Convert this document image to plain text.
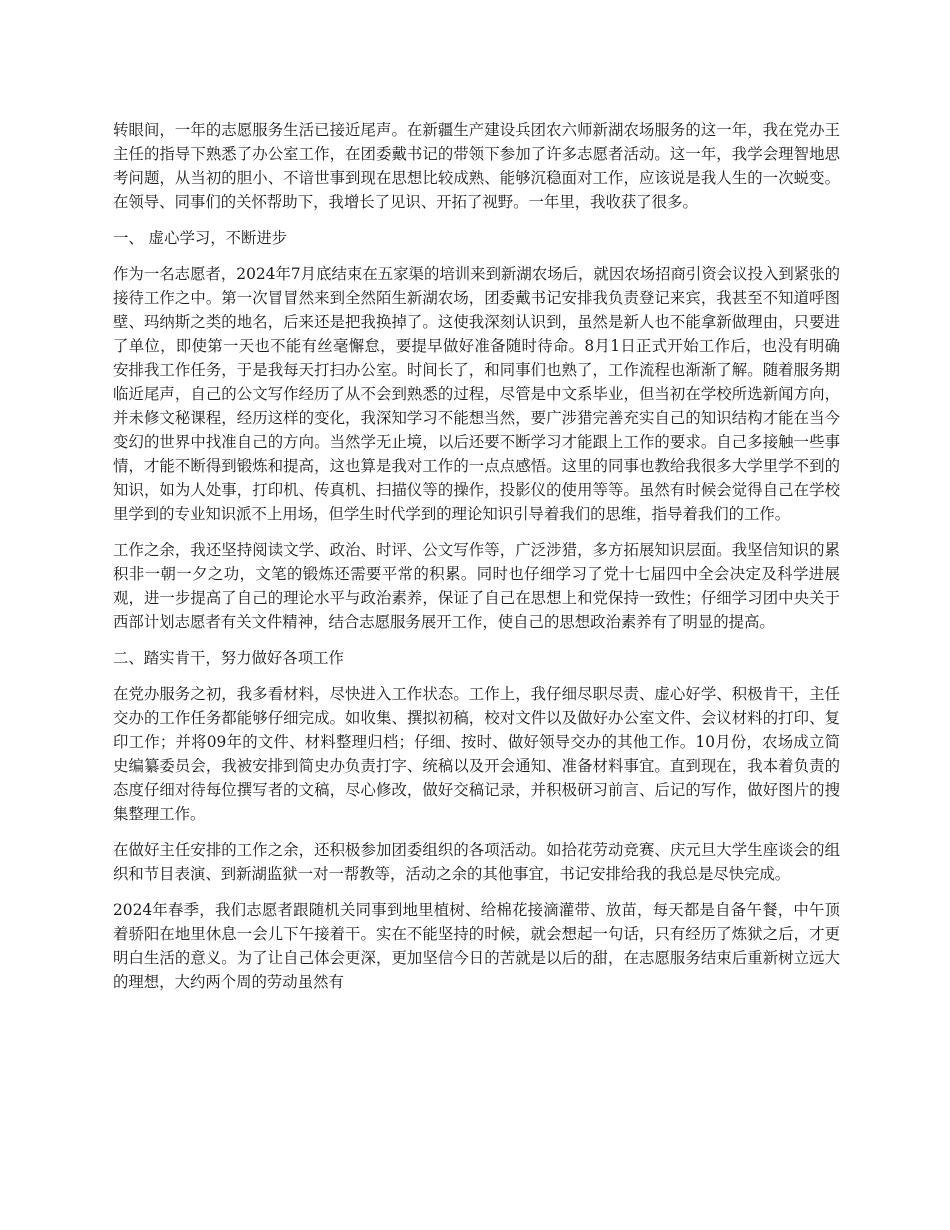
转眼间，一年的志愿服务生活已接近尾声。在新疆生产建设兵团农六师新湖农场服务的这一年，我在党办王主任的指导下熟悉了办公室工作，在团委戴书记的带领下参加了许多志愿者活动。这一年，我学会理智地思考问题，从当初的胆小、不谙世事到现在思想比较成熟、能够沉稳面对工作，应该说是我人生的一次蜕变。在领导、同事们的关怀帮助下，我增长了见识、开拓了视野。一年里，我收获了很多。

一、 虚心学习，不断进步

作为一名志愿者，2024年7月底结束在五家渠的培训来到新湖农场后，就因农场招商引资会议投入到紧张的接待工作之中。第一次冒冒然来到全然陌生新湖农场，团委戴书记安排我负责登记来宾，我甚至不知道呼图壁、玛纳斯之类的地名，后来还是把我换掉了。这使我深刻认识到，虽然是新人也不能拿新做理由，只要进了单位，即使第一天也不能有丝毫懈怠，要提早做好准备随时待命。8月1日正式开始工作后，也没有明确安排我工作任务，于是我每天打扫办公室。时间长了，和同事们也熟了，工作流程也渐渐了解。随着服务期临近尾声，自己的公文写作经历了从不会到熟悉的过程，尽管是中文系毕业，但当初在学校所选新闻方向，并未修文秘课程，经历这样的变化，我深知学习不能想当然，要广涉猎完善充实自己的知识结构才能在当今变幻的世界中找准自己的方向。当然学无止境，以后还要不断学习才能跟上工作的要求。自己多接触一些事情，才能不断得到锻炼和提高，这也算是我对工作的一点点感悟。这里的同事也教给我很多大学里学不到的知识，如为人处事，打印机、传真机、扫描仪等的操作，投影仪的使用等等。虽然有时候会觉得自己在学校里学到的专业知识派不上用场，但学生时代学到的理论知识引导着我们的思维，指导着我们的工作。

工作之余，我还坚持阅读文学、政治、时评、公文写作等，广泛涉猎，多方拓展知识层面。我坚信知识的累积非一朝一夕之功，文笔的锻炼还需要平常的积累。同时也仔细学习了党十七届四中全会决定及科学进展观，进一步提高了自己的理论水平与政治素养，保证了自己在思想上和党保持一致性；仔细学习团中央关于西部计划志愿者有关文件精神，结合志愿服务展开工作，使自己的思想政治素养有了明显的提高。

二、踏实肯干，努力做好各项工作

在党办服务之初，我多看材料，尽快进入工作状态。工作上，我仔细尽职尽责、虚心好学、积极肯干，主任交办的工作任务都能够仔细完成。如收集、撰拟初稿，校对文件以及做好办公室文件、会议材料的打印、复印工作；并将09年的文件、材料整理归档；仔细、按时、做好领导交办的其他工作。10月份，农场成立简史编纂委员会，我被安排到简史办负责打字、统稿以及开会通知、准备材料事宜。直到现在，我本着负责的态度仔细对待每位撰写者的文稿，尽心修改，做好交稿记录，并积极研习前言、后记的写作，做好图片的搜集整理工作。

在做好主任安排的工作之余，还积极参加团委组织的各项活动。如拾花劳动竞赛、庆元旦大学生座谈会的组织和节目表演、到新湖监狱一对一帮教等，活动之余的其他事宜，书记安排给我的我总是尽快完成。

2024年春季，我们志愿者跟随机关同事到地里植树、给棉花接滴灌带、放苗，每天都是自备午餐，中午顶着骄阳在地里休息一会儿下午接着干。实在不能坚持的时候，就会想起一句话，只有经历了炼狱之后，才更明白生活的意义。为了让自己体会更深，更加坚信今日的苦就是以后的甜，在志愿服务结束后重新树立远大的理想，大约两个周的劳动虽然有
